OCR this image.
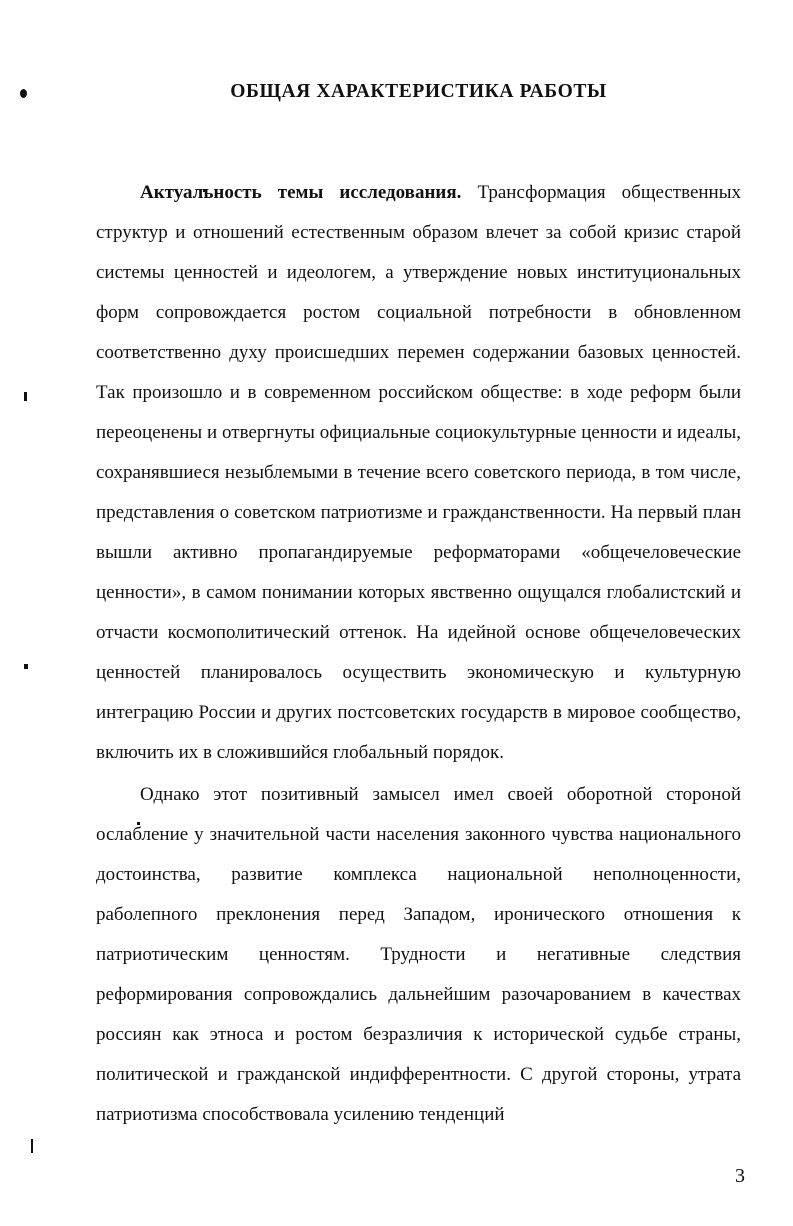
ОБЩАЯ ХАРАКТЕРИСТИКА РАБОТЫ

Актуальность темы исследования. Трансформация общественных структур и отношений естественным образом влечет за собой кризис старой системы ценностей и идеологем, а утверждение новых институциональных форм сопровождается ростом социальной потребности в обновленном соответственно духу происшедших перемен содержании базовых ценностей. Так произошло и в современном российском обществе: в ходе реформ были переоценены и отвергнуты официальные социокультурные ценности и идеалы, сохранявшиеся незыблемыми в течение всего советского периода, в том числе, представления о советском патриотизме и гражданственности. На первый план вышли активно пропагандируемые реформаторами «общечеловеческие ценности», в самом понимании которых явственно ощущался глобалистский и отчасти космополитический оттенок. На идейной основе общечеловеческих ценностей планировалось осуществить экономическую и культурную интеграцию России и других постсоветских государств в мировое сообщество, включить их в сложившийся глобальный порядок.

Однако этот позитивный замысел имел своей оборотной стороной ослабление у значительной части населения законного чувства национального достоинства, развитие комплекса национальной неполноценности, раболепного преклонения перед Западом, иронического отношения к патриотическим ценностям. Трудности и негативные следствия реформирования сопровождались дальнейшим разочарованием в качествах россиян как этноса и ростом безразличия к исторической судьбе страны, политической и гражданской индифферентности. С другой стороны, утрата патриотизма способствовала усилению тенденций

3
